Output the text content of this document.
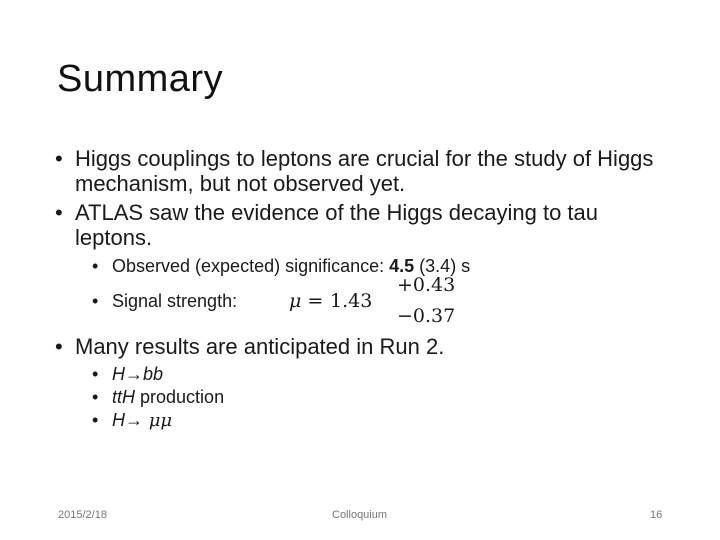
Summary
• Higgs couplings to leptons are crucial for the study of Higgs mechanism, but not observed yet.
• ATLAS saw the evidence of the Higgs decaying to tau leptons.
• Observed (expected) significance: 4.5 (3.4) s
• Signal strength:	μ = 1.43
+0.43
−0.37
• Many results are anticipated in Run 2.
• H→bb
• ttH production
• H→ μμ
2015/2/18	Colloquium	16
